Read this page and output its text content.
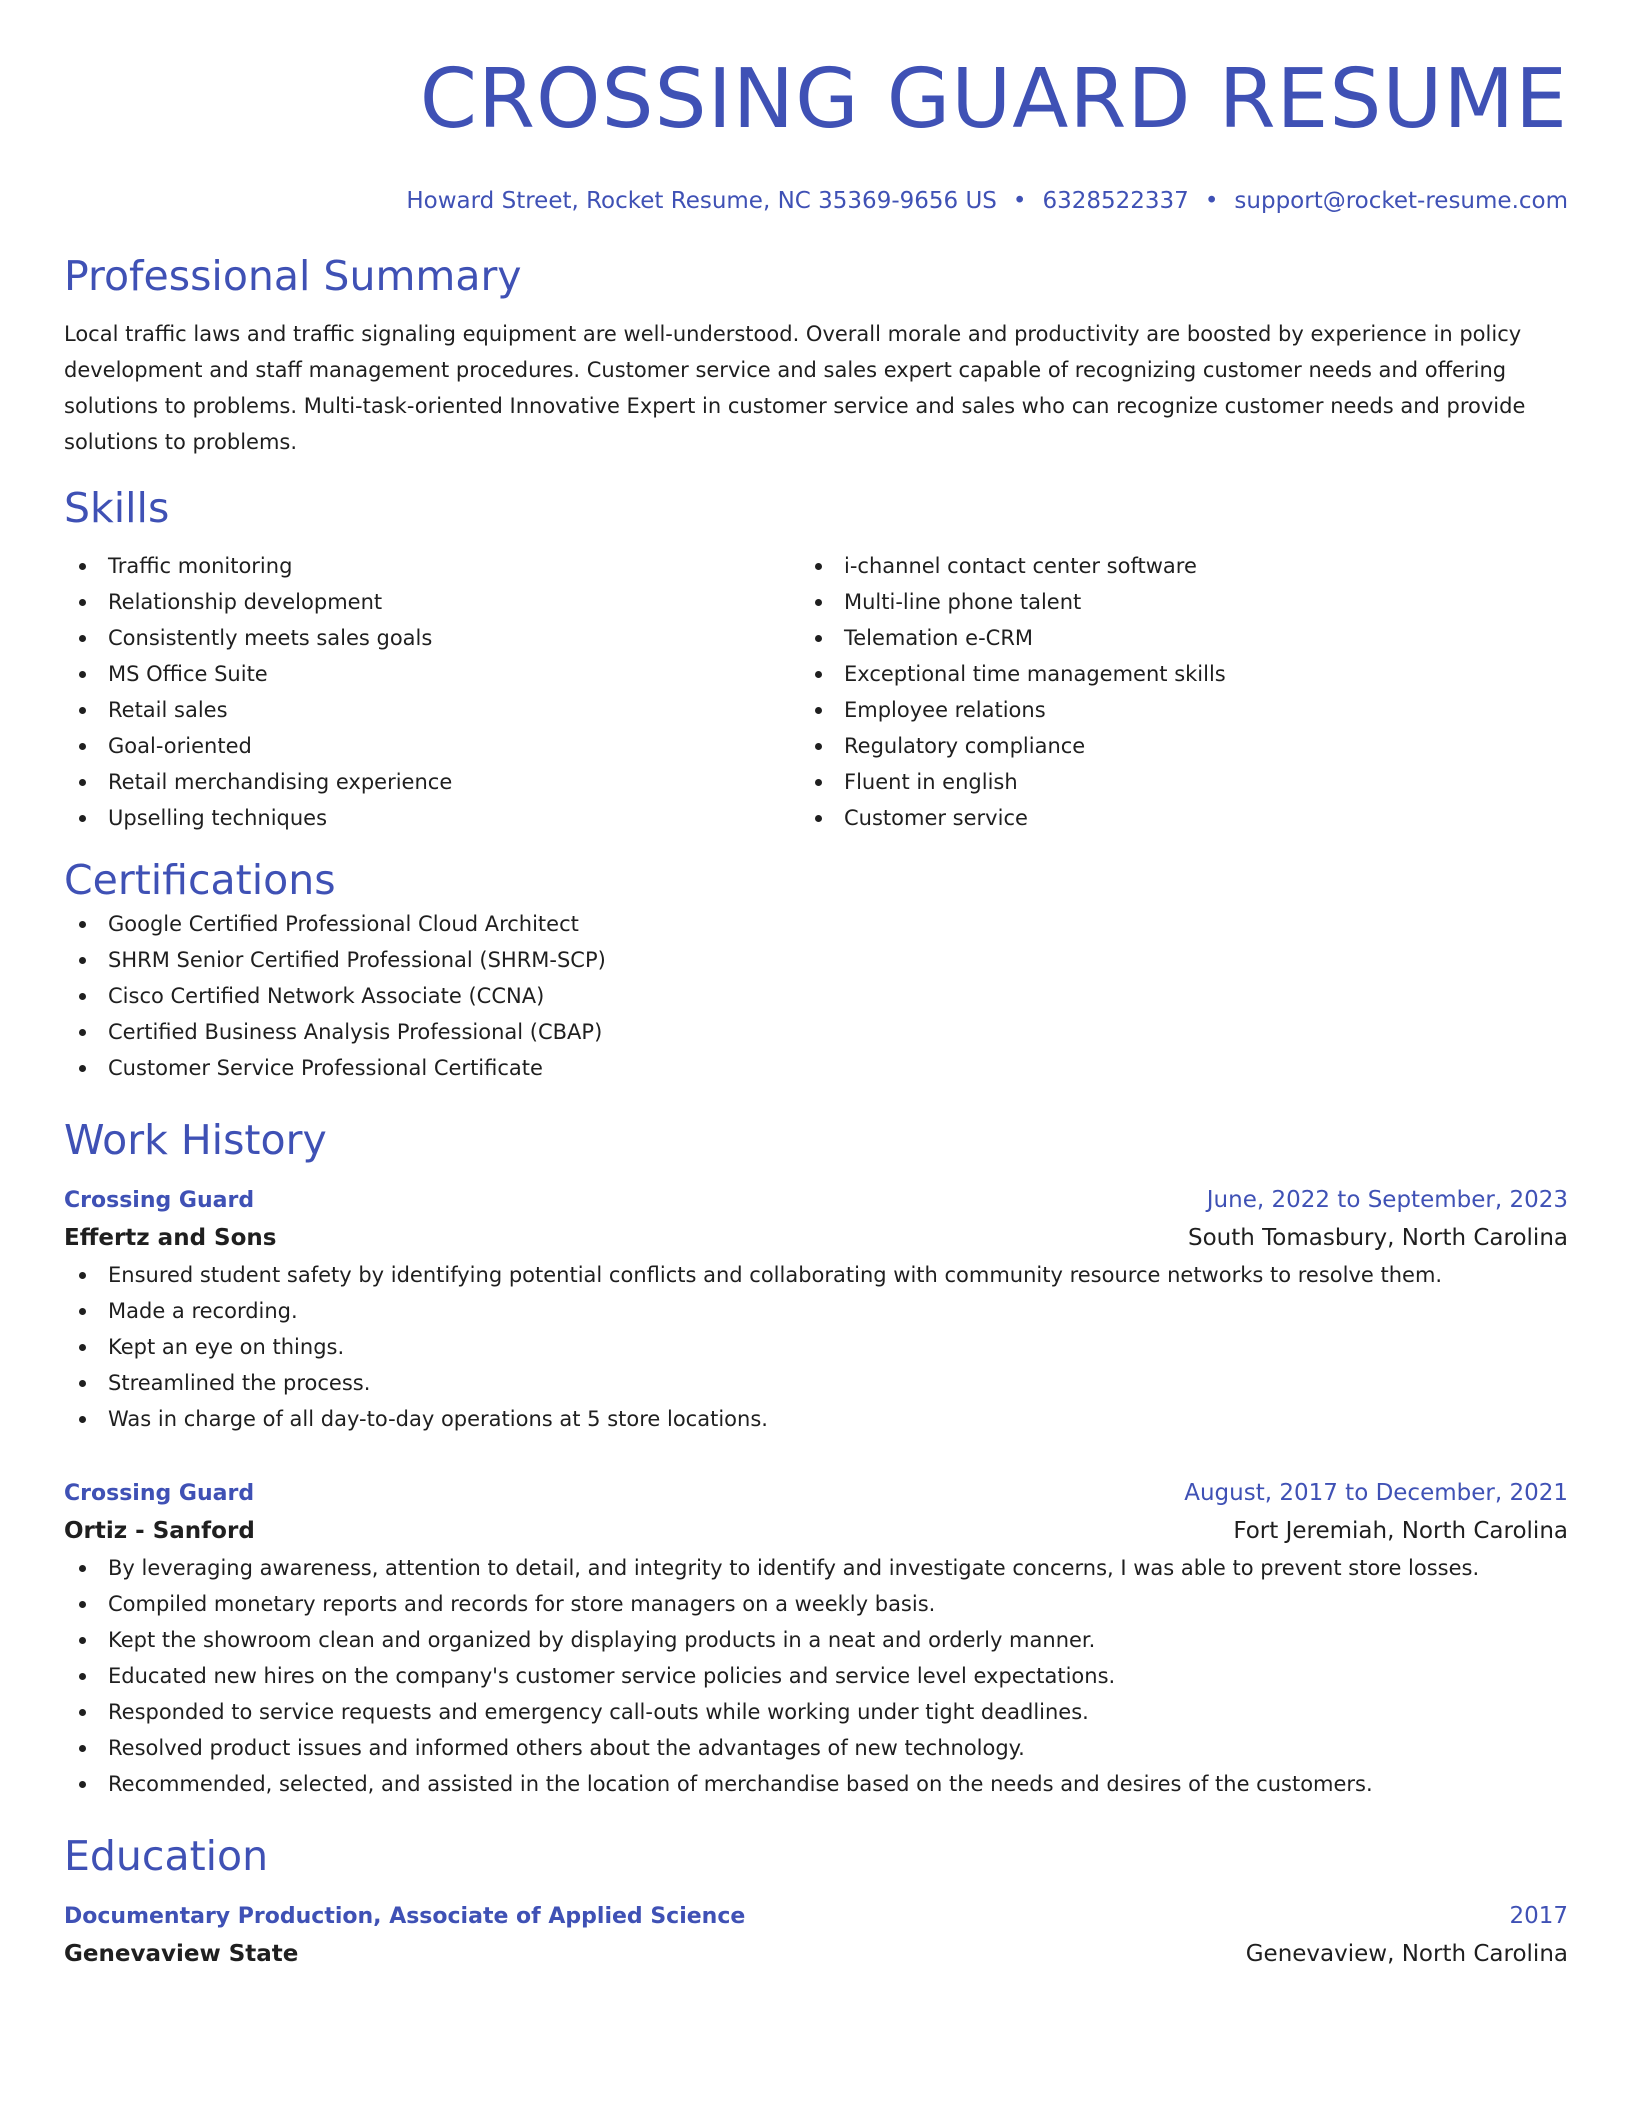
CROSSING GUARD RESUME
Howard Street, Rocket Resume, NC 35369-9656 US • 6328522337 • support@rocket-resume.com
Professional Summary

Local traffic laws and traffic signaling equipment are well-understood. Overall morale and productivity are boosted by experience in policy development and staff management procedures. Customer service and sales expert capable of recognizing customer needs and offering solutions to problems. Multi-task-oriented Innovative Expert in customer service and sales who can recognize customer needs and provide solutions to problems.

Skills
Traffic monitoring
Relationship development
Consistently meets sales goals
MS Office Suite
Retail sales
Goal-oriented
Retail merchandising experience
Upselling techniques
i-channel contact center software
Multi-line phone talent
Telemation e-CRM
Exceptional time management skills
Employee relations
Regulatory compliance
Fluent in english
Customer service
Certifications
Google Certified Professional Cloud Architect
SHRM Senior Certified Professional (SHRM-SCP)
Cisco Certified Network Associate (CCNA)
Certified Business Analysis Professional (CBAP)
Customer Service Professional Certificate
Work History
Crossing Guard	June, 2022 to September, 2023
Effertz and Sons	South Tomasbury, North Carolina
Ensured student safety by identifying potential conflicts and collaborating with community resource networks to resolve them.
Made a recording.
Kept an eye on things.
Streamlined the process.
Was in charge of all day-to-day operations at 5 store locations.
Crossing Guard	August, 2017 to December, 2021
Ortiz - Sanford	Fort Jeremiah, North Carolina
By leveraging awareness, attention to detail, and integrity to identify and investigate concerns, I was able to prevent store losses.
Compiled monetary reports and records for store managers on a weekly basis.
Kept the showroom clean and organized by displaying products in a neat and orderly manner.
Educated new hires on the company's customer service policies and service level expectations.
Responded to service requests and emergency call-outs while working under tight deadlines.
Resolved product issues and informed others about the advantages of new technology.
Recommended, selected, and assisted in the location of merchandise based on the needs and desires of the customers.
Education
Documentary Production, Associate of Applied Science	2017
Genevaview State	Genevaview, North Carolina
